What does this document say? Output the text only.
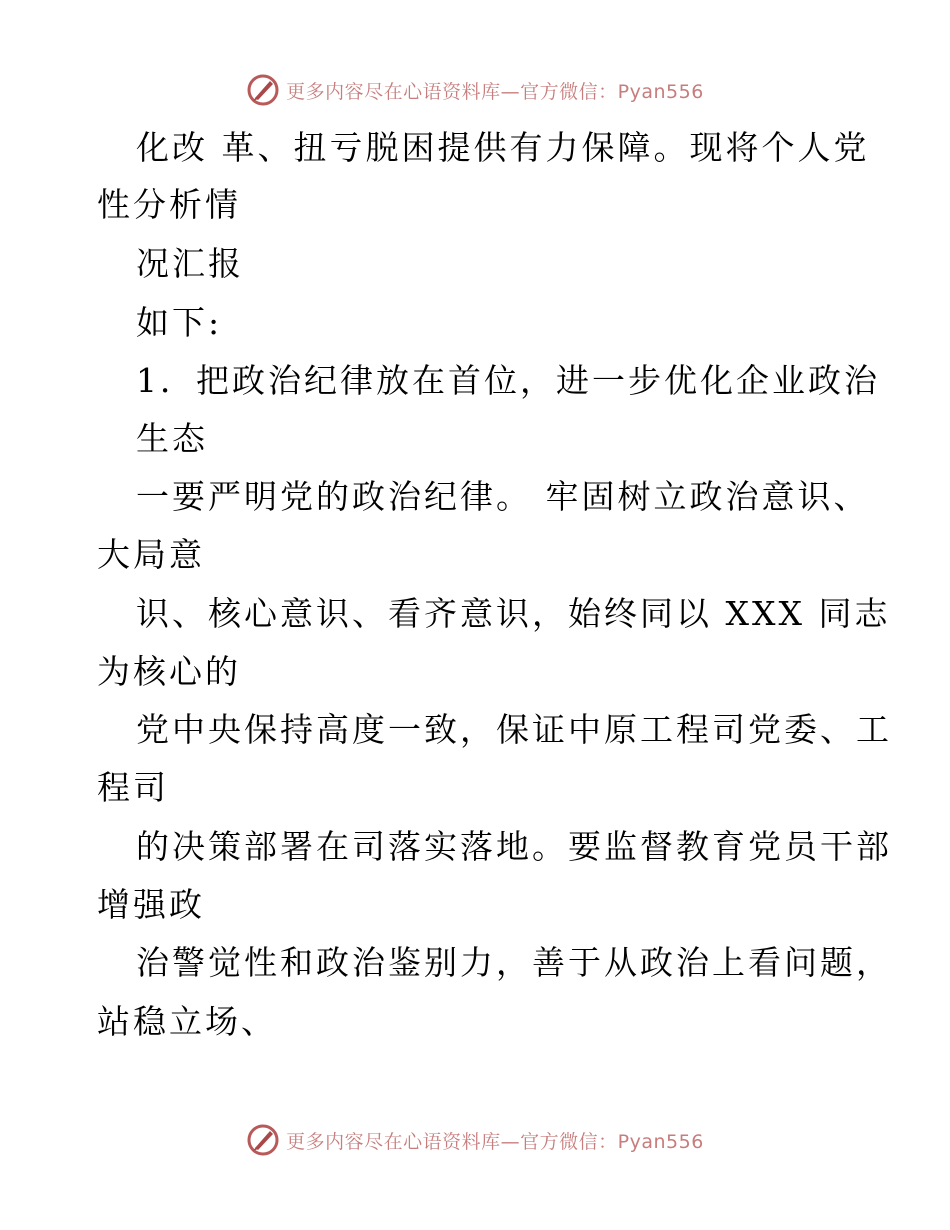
更多内容尽在心语资料库—官方微信：Pyan556
化改 革、扭亏脱困提供有力保障。现将个人党
性分析情
况汇报
如下:
1．把政治纪律放在首位，进一步优化企业政治
生态
一要严明党的政治纪律。 牢固树立政治意识、
大局意
识、核心意识、看齐意识，始终同以 XXX 同志
为核心的
党中央保持高度一致，保证中原工程司党委、工
程司
的决策部署在司落实落地。要监督教育党员干部
增强政
治警觉性和政治鉴别力，善于从政治上看问题，
站稳立场、
更多内容尽在心语资料库—官方微信：Pyan556
